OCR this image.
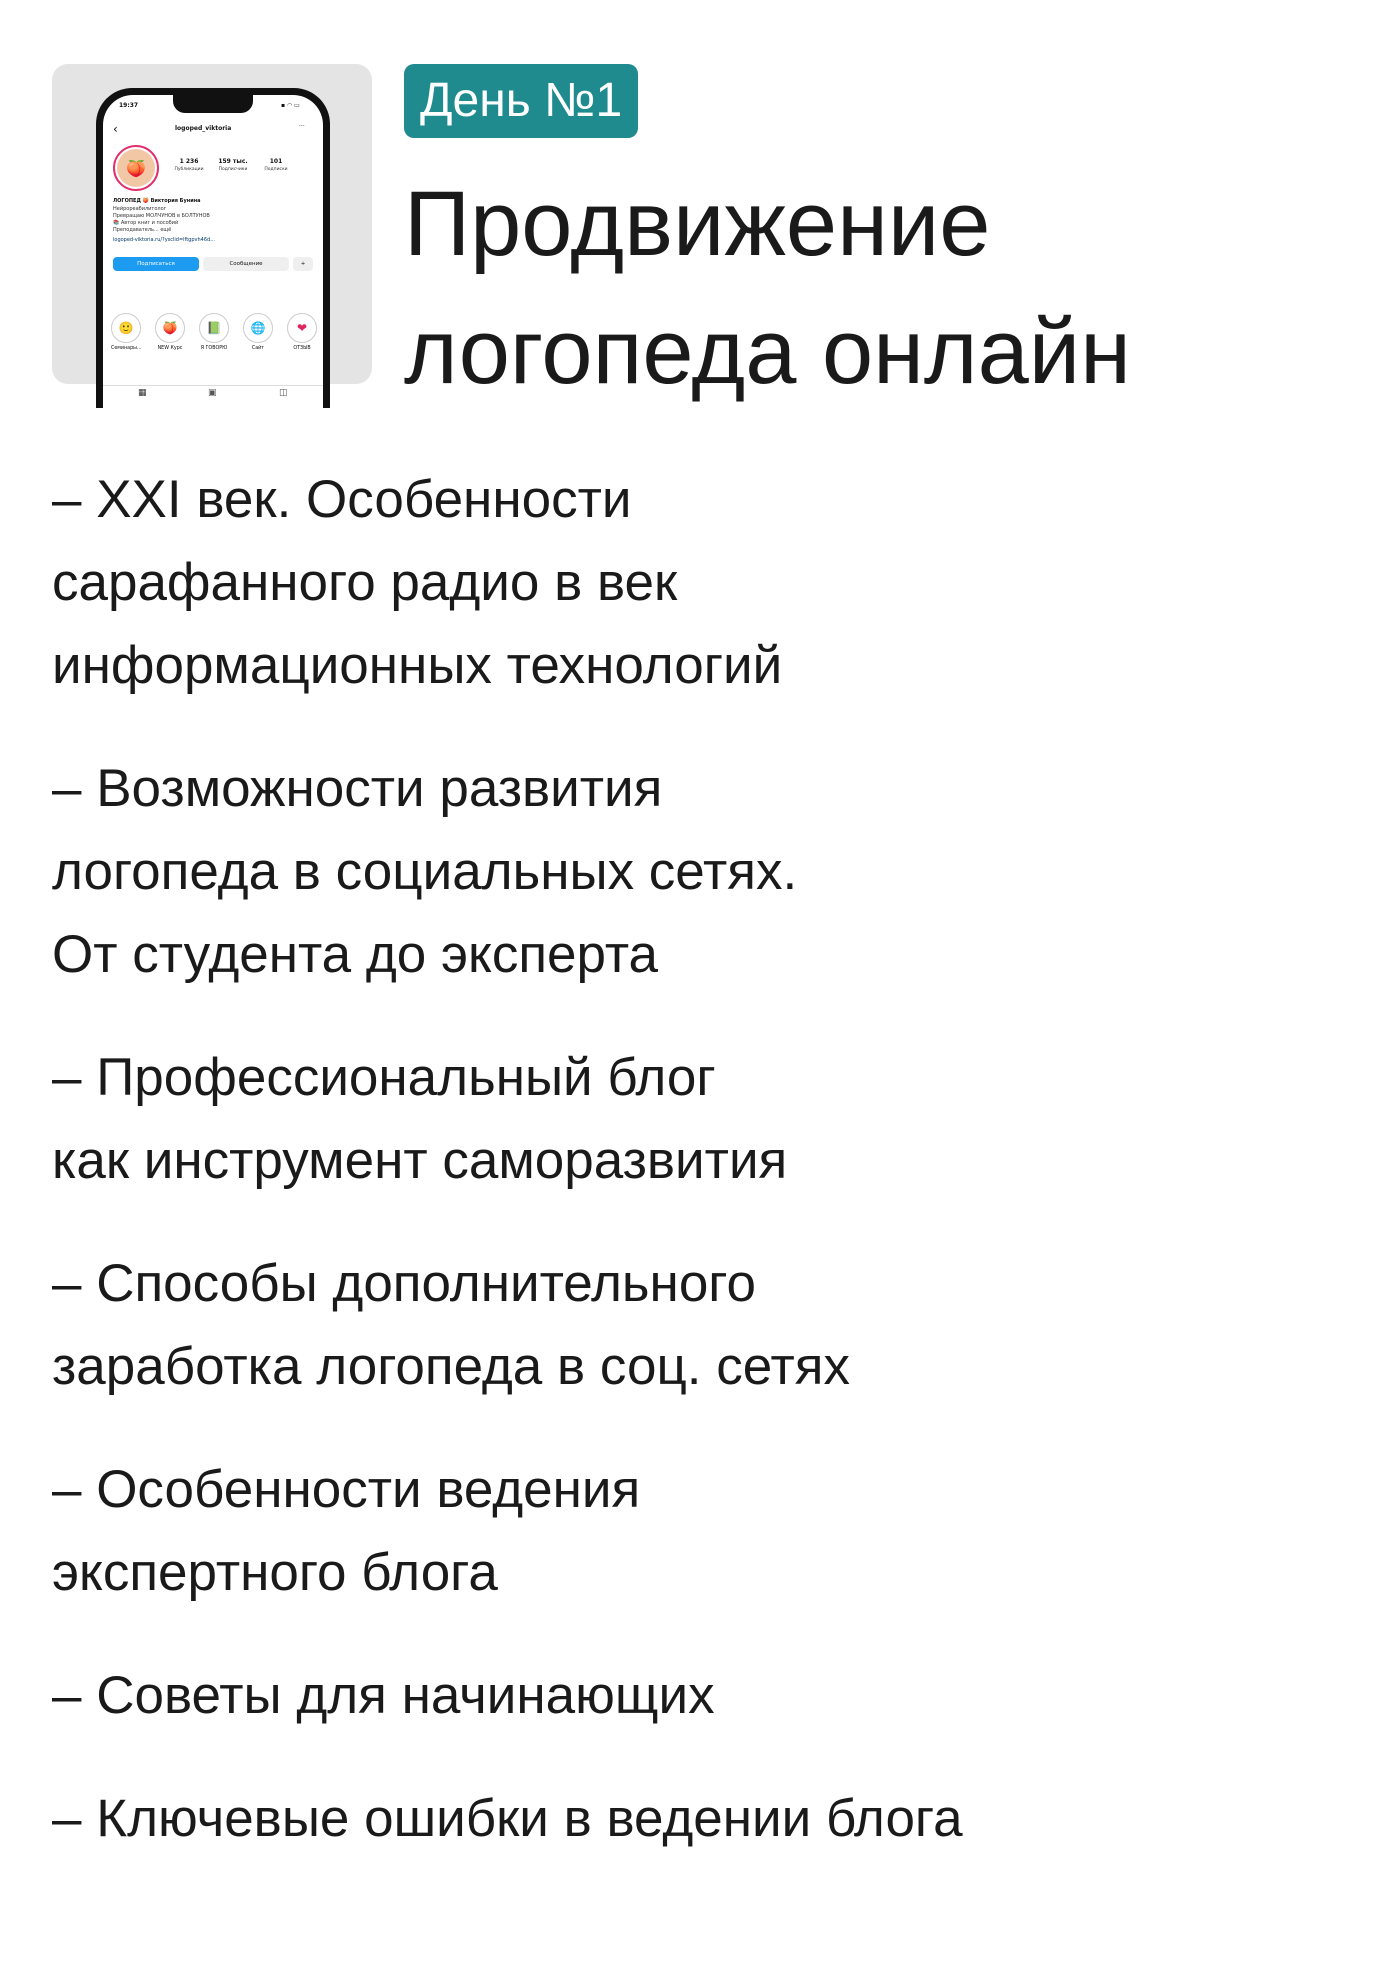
19:37	▪ ◠ ▭
‹	logoped_viktoria	···
🍑	1 236
Публикации
159 тыс.
Подписчики
101
Подписки
ЛОГОПЕД 🍑 Виктория Бунина
Нейрореабилитолог
Превращаю МОЛЧУНОВ в БОЛТУНОВ
📚 Автор книг и пособий
Преподаватель... ещё
logoped-viktoria.ru/?ysclid=lftgpvh46d...
Подписаться	Сообщение	+
🙂
Семинары...
🍑
NEW Курс
📗
Я ГОВОРЮ
🌐
Сайт
❤
ОТЗЫВ
▦	▣	◫
День №1
Продвижение
логопеда онлайн
– XXI век. Особенности
сарафанного радио в век
информационных технологий
– Возможности развития
логопеда в социальных сетях.
От студента до эксперта
– Профессиональный блог
как инструмент саморазвития
– Способы дополнительного
заработка логопеда в соц. сетях
– Особенности ведения
экспертного блога
– Советы для начинающих
– Ключевые ошибки в ведении блога
